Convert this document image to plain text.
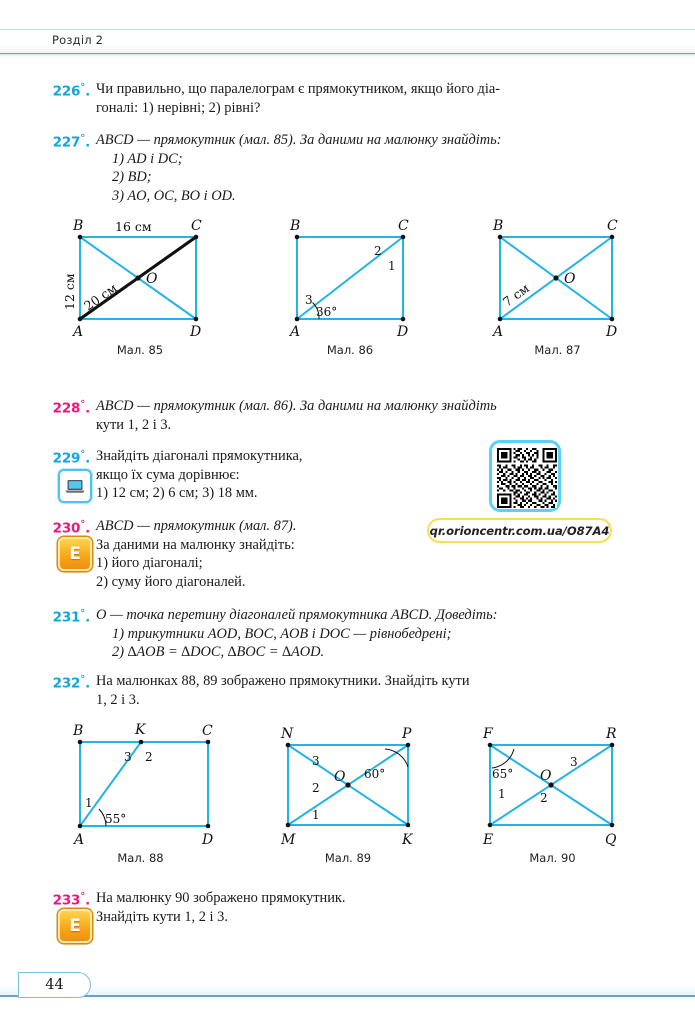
Розділ 2
226°. Чи правильно, що паралелограм є прямокутником, якщо його діа-
гоналі: 1) нерівні; 2) рівні?
227°. ABCD — прямокутник (мал. 85). За даними на малюнку знайдіть:
1) AD і DC;
2) BD;
3) AO, OC, BO і OD.
B	C
A	D
O
16 см
12 см 20 см
Мал. 85
B	C
A	D
2
1
3
36°
Мал. 86
B	C
A	D
O
7 см
Мал. 87
228°. ABCD — прямокутник (мал. 86). За даними на малюнку знайдіть
кути 1, 2 і 3.
229°. Знайдіть діагоналі прямокутника,
якщо їх сума дорівнює:
1) 12 см; 2) 6 см; 3) 18 мм.
qr.orioncentr.com.ua/O87A4
230°.
E
ABCD — прямокутник (мал. 87).
За даними на малюнку знайдіть:
1) його діагоналі;
2) суму його діагоналей.
231°. O — точка перетину діагоналей прямокутника ABCD. Доведіть:
1) трикутники AOD, BOC, AOB і DOC — рівнобедрені;
2) ∆AOB = ∆DOC, ∆BOC = ∆AOD.
232°. На малюнках 88, 89 зображено прямокутники. Знайдіть кути
1, 2 і 3.
B	K	C
A	D
3 2
1
55°
Мал. 88
N	P
M	K
O
3
2
1
60°
Мал. 89
F	R
E	Q
O
65°
1	2
3
Мал. 90
233°.
E
На малюнку 90 зображено прямокутник.
Знайдіть кути 1, 2 і 3.
44
